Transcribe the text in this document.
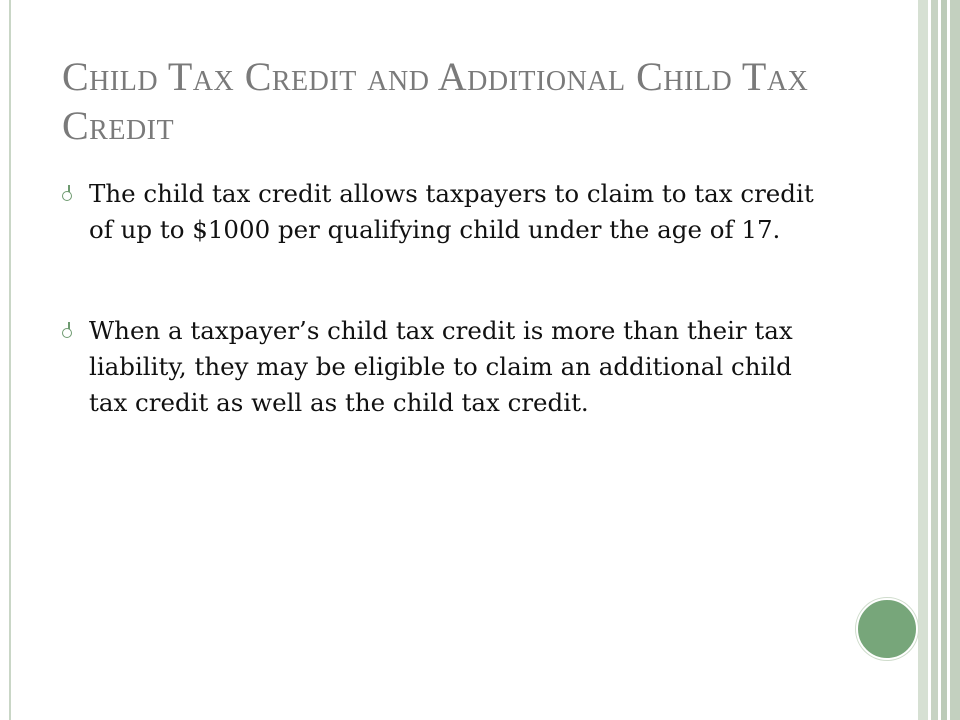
Child Tax Credit and Additional Child Tax Credit
The child tax credit allows taxpayers to claim to tax credit of up to $1000 per qualifying child under the age of 17.
When a taxpayer’s child tax credit is more than their tax liability, they may be eligible to claim an additional child tax credit as well as the child tax credit.
